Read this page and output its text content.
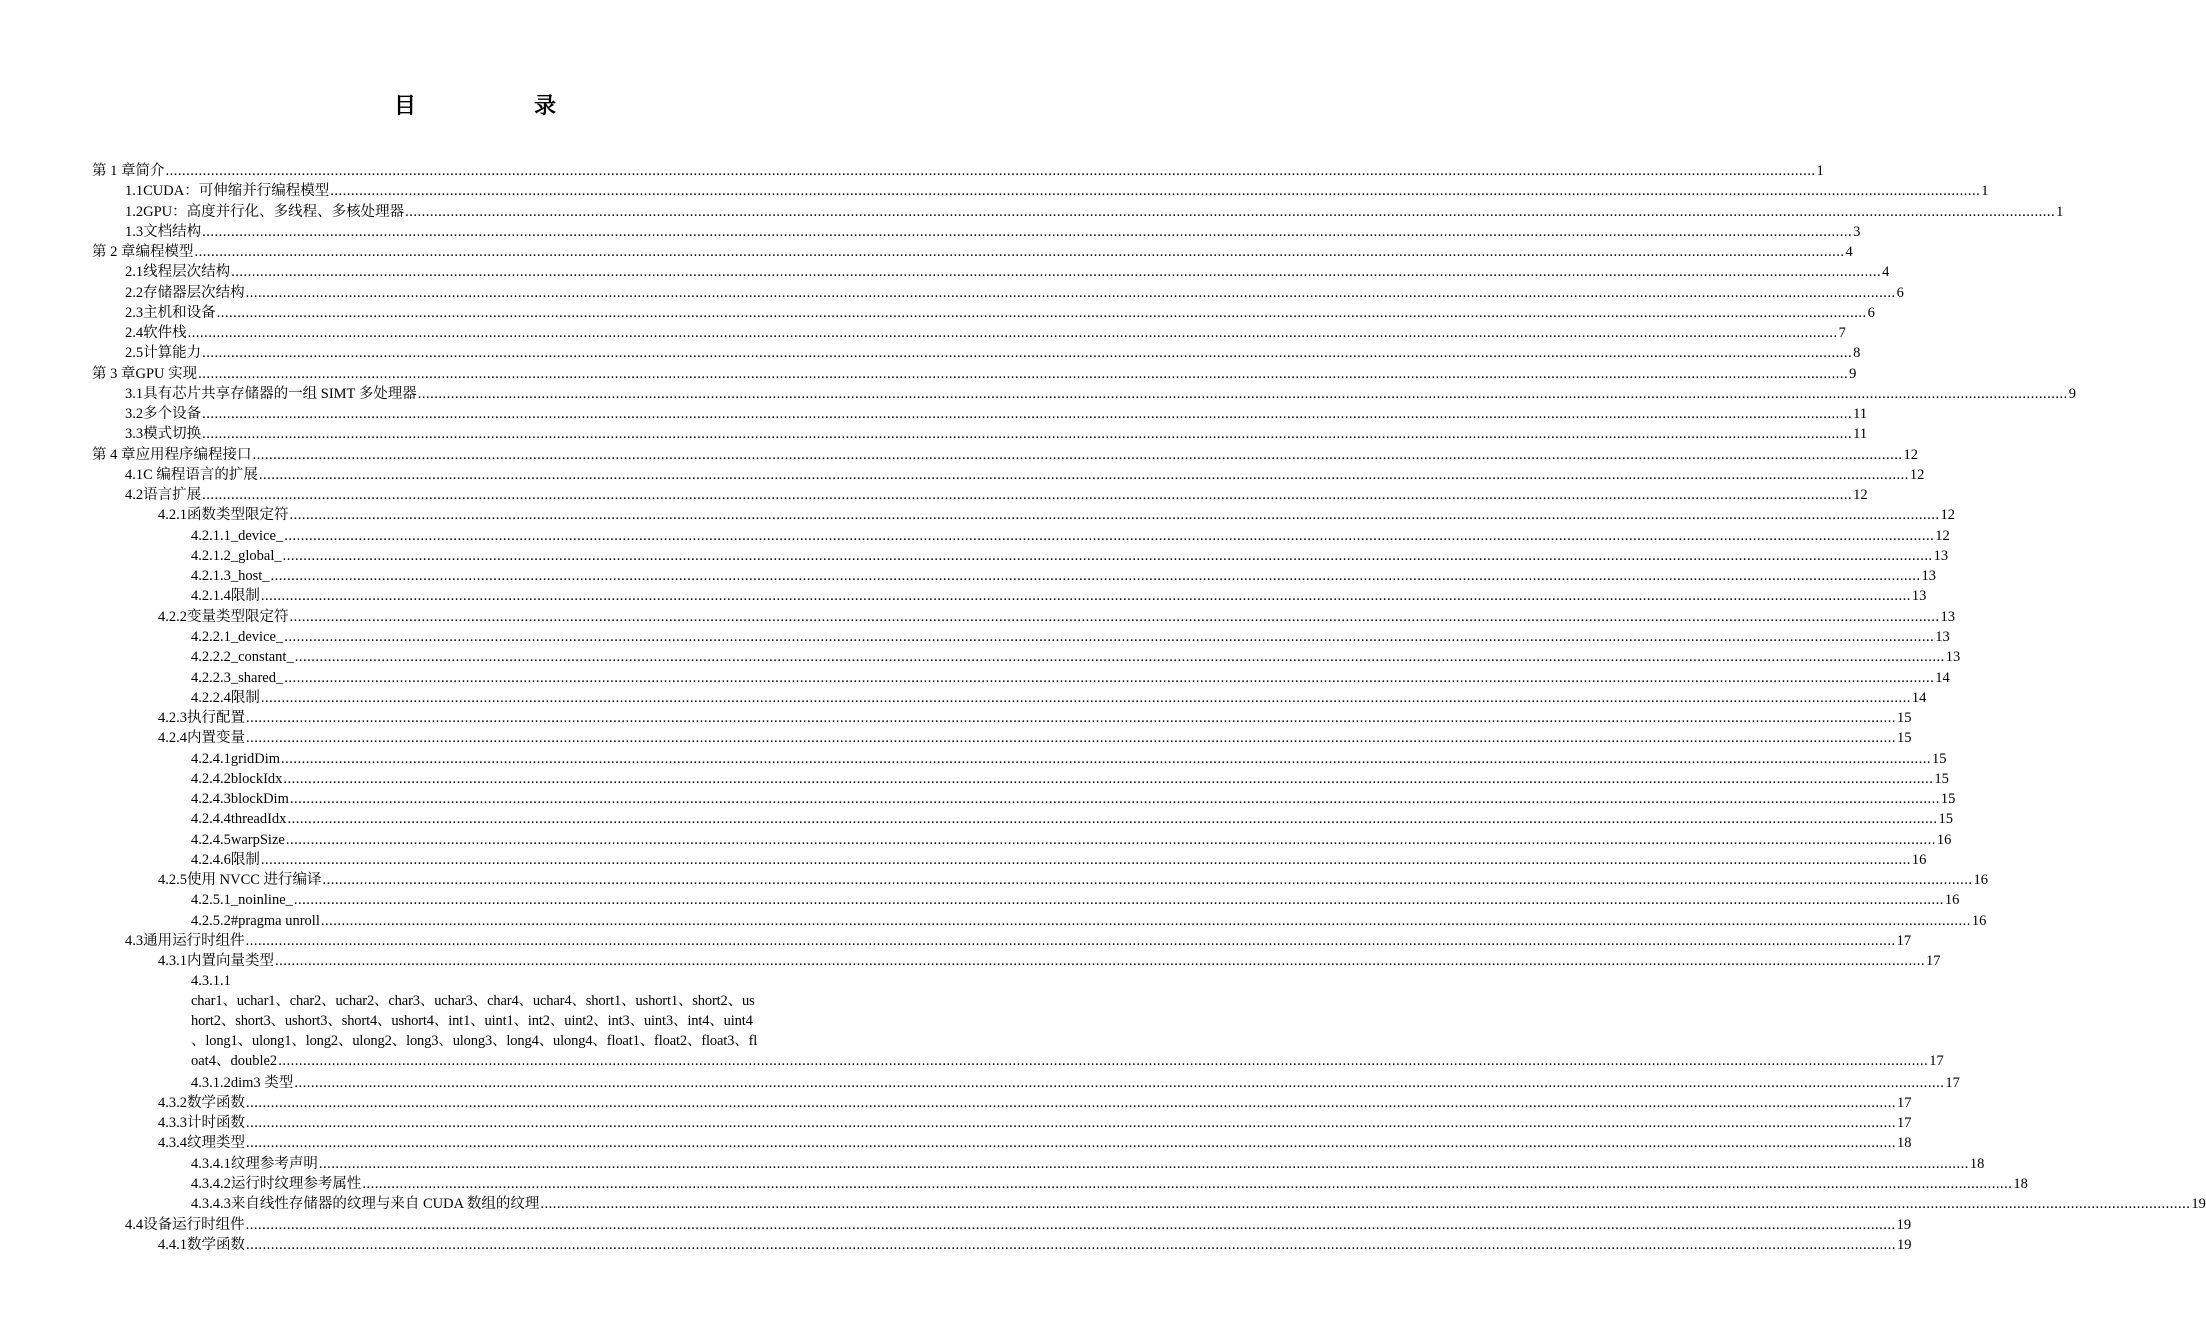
目　录
第 1 章 简介 ................................................................................................................................................................................................................................................................................................................................................................................................................ 1
1.1 CUDA：可伸缩并行编程模型 ................................................................................................................................................................................................................................................................................................................................................................................................................ 1
1.2 GPU：高度并行化、多线程、多核处理器 ................................................................................................................................................................................................................................................................................................................................................................................................................ 1
1.3 文档结构 ................................................................................................................................................................................................................................................................................................................................................................................................................ 3
第 2 章 编程模型 ................................................................................................................................................................................................................................................................................................................................................................................................................ 4
2.1 线程层次结构 ................................................................................................................................................................................................................................................................................................................................................................................................................ 4
2.2 存储器层次结构 ................................................................................................................................................................................................................................................................................................................................................................................................................ 6
2.3 主机和设备 ................................................................................................................................................................................................................................................................................................................................................................................................................ 6
2.4 软件栈 ................................................................................................................................................................................................................................................................................................................................................................................................................ 7
2.5 计算能力 ................................................................................................................................................................................................................................................................................................................................................................................................................ 8
第 3 章 GPU 实现 ................................................................................................................................................................................................................................................................................................................................................................................................................ 9
3.1 具有芯片共享存储器的一组 SIMT 多处理器 ................................................................................................................................................................................................................................................................................................................................................................................................................ 9
3.2 多个设备 ................................................................................................................................................................................................................................................................................................................................................................................................................ 11
3.3 模式切换 ................................................................................................................................................................................................................................................................................................................................................................................................................ 11
第 4 章 应用程序编程接口 ................................................................................................................................................................................................................................................................................................................................................................................................................ 12
4.1 C 编程语言的扩展 ................................................................................................................................................................................................................................................................................................................................................................................................................ 12
4.2 语言扩展 ................................................................................................................................................................................................................................................................................................................................................................................................................ 12
4.2.1 函数类型限定符 ................................................................................................................................................................................................................................................................................................................................................................................................................ 12
4.2.1.1 _device_ ................................................................................................................................................................................................................................................................................................................................................................................................................ 12
4.2.1.2 _global_ ................................................................................................................................................................................................................................................................................................................................................................................................................ 13
4.2.1.3 _host_ ................................................................................................................................................................................................................................................................................................................................................................................................................ 13
4.2.1.4 限制 ................................................................................................................................................................................................................................................................................................................................................................................................................ 13
4.2.2 变量类型限定符 ................................................................................................................................................................................................................................................................................................................................................................................................................ 13
4.2.2.1 _device_ ................................................................................................................................................................................................................................................................................................................................................................................................................ 13
4.2.2.2 _constant_ ................................................................................................................................................................................................................................................................................................................................................................................................................ 13
4.2.2.3 _shared_ ................................................................................................................................................................................................................................................................................................................................................................................................................ 14
4.2.2.4 限制 ................................................................................................................................................................................................................................................................................................................................................................................................................ 14
4.2.3 执行配置 ................................................................................................................................................................................................................................................................................................................................................................................................................ 15
4.2.4 内置变量 ................................................................................................................................................................................................................................................................................................................................................................................................................ 15
4.2.4.1 gridDim ................................................................................................................................................................................................................................................................................................................................................................................................................ 15
4.2.4.2 blockIdx ................................................................................................................................................................................................................................................................................................................................................................................................................ 15
4.2.4.3 blockDim ................................................................................................................................................................................................................................................................................................................................................................................................................ 15
4.2.4.4 threadIdx ................................................................................................................................................................................................................................................................................................................................................................................................................ 15
4.2.4.5 warpSize ................................................................................................................................................................................................................................................................................................................................................................................................................ 16
4.2.4.6 限制 ................................................................................................................................................................................................................................................................................................................................................................................................................ 16
4.2.5 使用 NVCC 进行编译 ................................................................................................................................................................................................................................................................................................................................................................................................................ 16
4.2.5.1 _noinline_ ................................................................................................................................................................................................................................................................................................................................................................................................................ 16
4.2.5.2 #pragma unroll ................................................................................................................................................................................................................................................................................................................................................................................................................ 16
4.3 通用运行时组件 ................................................................................................................................................................................................................................................................................................................................................................................................................ 17
4.3.1 内置向量类型 ................................................................................................................................................................................................................................................................................................................................................................................................................ 17
4.3.1.1
char1、uchar1、char2、uchar2、char3、uchar3、char4、uchar4、short1、ushort1、short2、us
hort2、short3、ushort3、short4、ushort4、int1、uint1、int2、uint2、int3、uint3、int4、uint4
、long1、ulong1、long2、ulong2、long3、ulong3、long4、ulong4、float1、float2、float3、fl
oat4、double2 ................................................................................................................................................................................................................................................................................................................................................................................................................ 17
4.3.1.2 dim3 类型 ................................................................................................................................................................................................................................................................................................................................................................................................................ 17
4.3.2 数学函数 ................................................................................................................................................................................................................................................................................................................................................................................................................ 17
4.3.3 计时函数 ................................................................................................................................................................................................................................................................................................................................................................................................................ 17
4.3.4 纹理类型 ................................................................................................................................................................................................................................................................................................................................................................................................................ 18
4.3.4.1 纹理参考声明 ................................................................................................................................................................................................................................................................................................................................................................................................................ 18
4.3.4.2 运行时纹理参考属性 ................................................................................................................................................................................................................................................................................................................................................................................................................ 18
4.3.4.3 来自线性存储器的纹理与来自 CUDA 数组的纹理 ................................................................................................................................................................................................................................................................................................................................................................................................................ 19
4.4 设备运行时组件 ................................................................................................................................................................................................................................................................................................................................................................................................................ 19
4.4.1 数学函数 ................................................................................................................................................................................................................................................................................................................................................................................................................ 19
